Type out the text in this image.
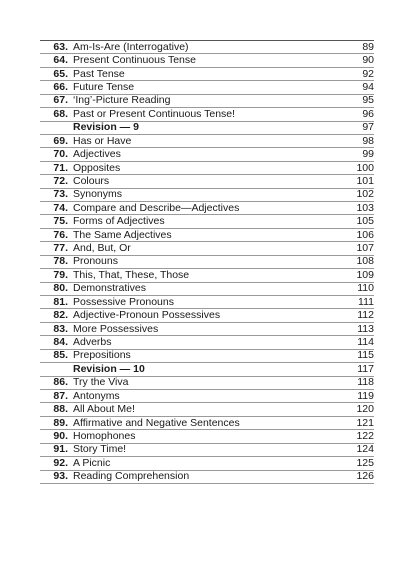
63. Am-Is-Are (Interrogative)	89
64. Present Continuous Tense	90
65. Past Tense	92
66. Future Tense	94
67. ‘Ing’-Picture Reading	95
68. Past or Present Continuous Tense!	96
Revision — 9	97
69. Has or Have	98
70. Adjectives	99
71. Opposites	100
72. Colours	101
73. Synonyms	102
74. Compare and Describe—Adjectives	103
75. Forms of Adjectives	105
76. The Same Adjectives	106
77. And, But, Or	107
78. Pronouns	108
79. This, That, These, Those	109
80. Demonstratives	110
81. Possessive Pronouns	111
82. Adjective-Pronoun Possessives	112
83. More Possessives	113
84. Adverbs	114
85. Prepositions	115
Revision — 10	117
86. Try the Viva	118
87. Antonyms	119
88. All About Me!	120
89. Affirmative and Negative Sentences	121
90. Homophones	122
91. Story Time!	124
92. A Picnic	125
93. Reading Comprehension	126
